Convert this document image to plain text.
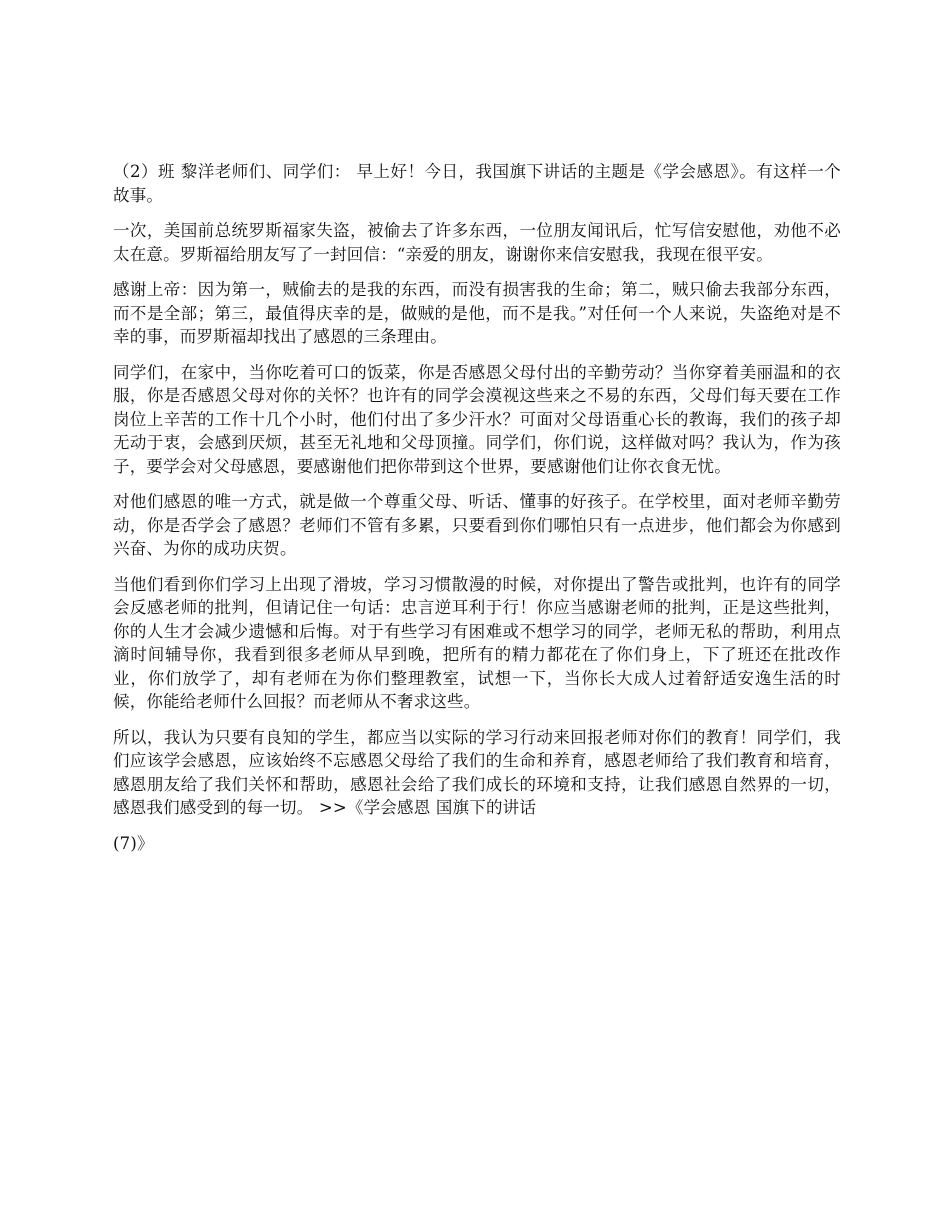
（2）班 黎洋老师们、同学们： 早上好！今日，我国旗下讲话的主题是《学会感恩》。有这样一个故事。

一次，美国前总统罗斯福家失盗，被偷去了许多东西，一位朋友闻讯后，忙写信安慰他，劝他不必太在意。罗斯福给朋友写了一封回信：“亲爱的朋友，谢谢你来信安慰我，我现在很平安。

感谢上帝：因为第一，贼偷去的是我的东西，而没有损害我的生命；第二，贼只偷去我部分东西，而不是全部；第三，最值得庆幸的是，做贼的是他，而不是我。”对任何一个人来说，失盗绝对是不幸的事，而罗斯福却找出了感恩的三条理由。

同学们，在家中，当你吃着可口的饭菜，你是否感恩父母付出的辛勤劳动？当你穿着美丽温和的衣服，你是否感恩父母对你的关怀？也许有的同学会漠视这些来之不易的东西，父母们每天要在工作岗位上辛苦的工作十几个小时，他们付出了多少汗水？可面对父母语重心长的教诲，我们的孩子却无动于衷，会感到厌烦，甚至无礼地和父母顶撞。同学们，你们说，这样做对吗？我认为，作为孩子，要学会对父母感恩，要感谢他们把你带到这个世界，要感谢他们让你衣食无忧。

对他们感恩的唯一方式，就是做一个尊重父母、听话、懂事的好孩子。在学校里，面对老师辛勤劳动，你是否学会了感恩？老师们不管有多累，只要看到你们哪怕只有一点进步，他们都会为你感到兴奋、为你的成功庆贺。

当他们看到你们学习上出现了滑坡，学习习惯散漫的时候，对你提出了警告或批判，也许有的同学会反感老师的批判，但请记住一句话：忠言逆耳利于行！你应当感谢老师的批判，正是这些批判，你的人生才会减少遗憾和后悔。对于有些学习有困难或不想学习的同学，老师无私的帮助，利用点滴时间辅导你，我看到很多老师从早到晚，把所有的精力都花在了你们身上，下了班还在批改作业，你们放学了，却有老师在为你们整理教室，试想一下，当你长大成人过着舒适安逸生活的时候，你能给老师什么回报？而老师从不奢求这些。

所以，我认为只要有良知的学生，都应当以实际的学习行动来回报老师对你们的教育！同学们，我们应该学会感恩，应该始终不忘感恩父母给了我们的生命和养育，感恩老师给了我们教育和培育，感恩朋友给了我们关怀和帮助，感恩社会给了我们成长的环境和支持，让我们感恩自然界的一切，感恩我们感受到的每一切。 >>《学会感恩 国旗下的讲话

(7)》
